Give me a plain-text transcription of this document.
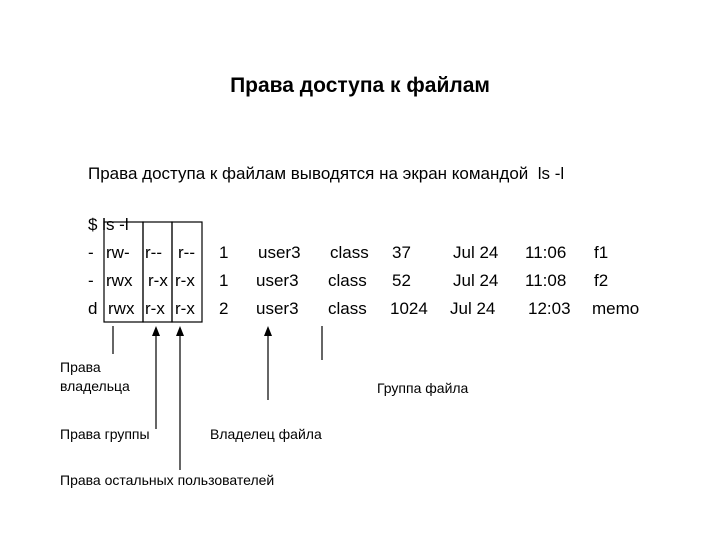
Права доступа к файлам
Права доступа к файлам выводятся на экран командой  ls -l
$ ls -l
- rw- r-- r-- 1 user3 class 37 Jul 24 11:06 f1
- rwx r-x r-x 1 user3 class 52 Jul 24 11:08 f2
d rwx r-x r-x 2 user3 class 1024 Jul 24 12:03 memo
Права
владельца
Права группы
Права остальных пользователей
Владелец файла
Группа файла
